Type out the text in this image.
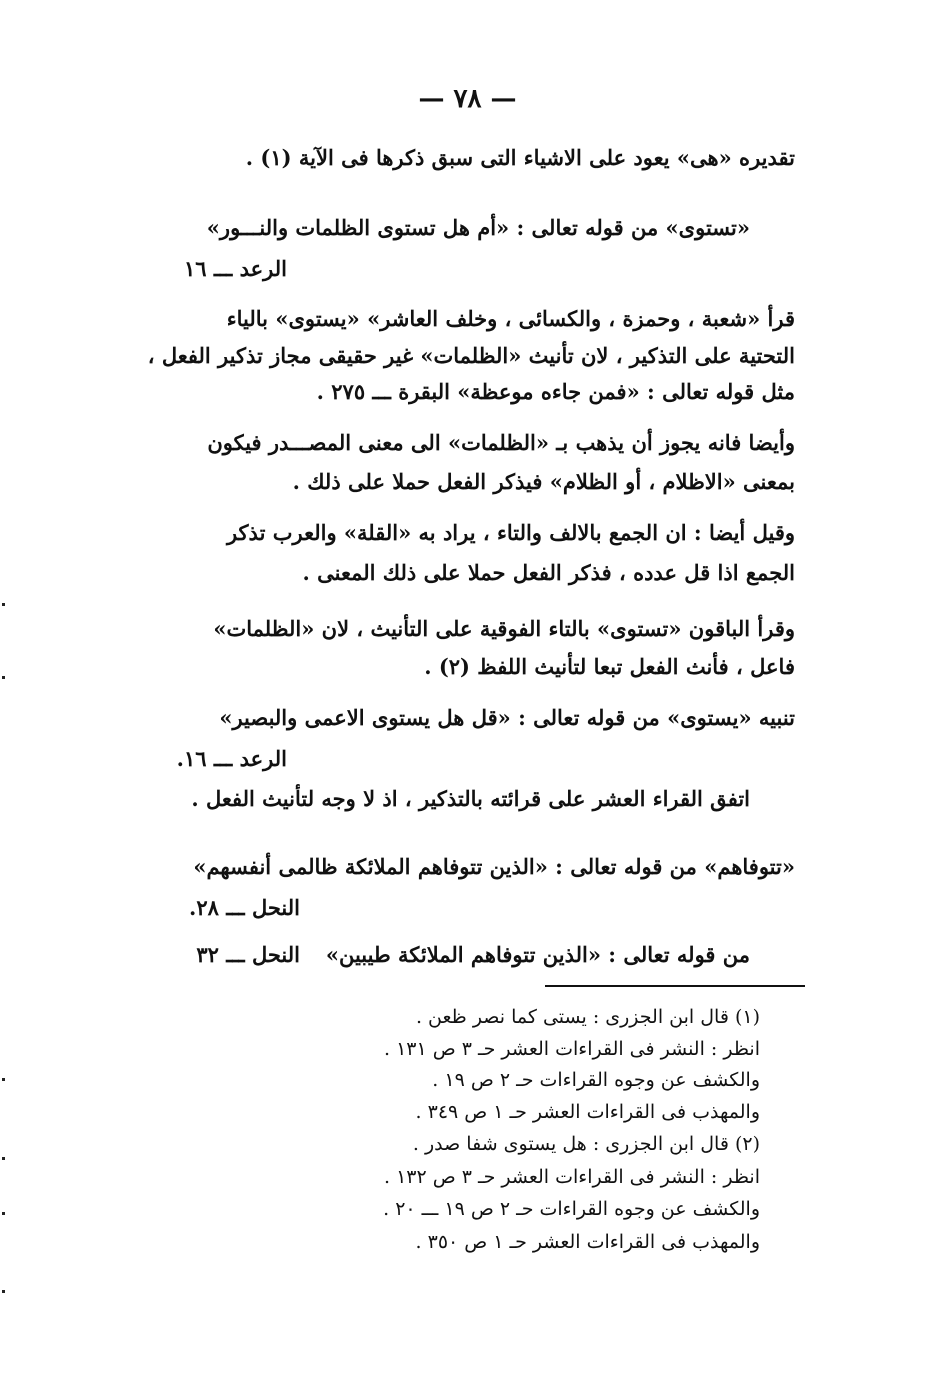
— ٧٨ —
تقديره «هى» يعود على الاشياء التى سبق ذكرها فى الآية (١) .
«تستوى» من قوله تعالى : «أم هل تستوى الظلمات والنـــور»
الرعد ـــ ١٦
قرأ «شعبة ، وحمزة ، والكسائى ، وخلف العاشر» «يستوى» بالياء
التحتية على التذكير ، لان تأنيث «الظلمات» غير حقيقى مجاز تذكير الفعل ،
مثل قوله تعالى : «فمن جاءه موعظة» البقرة ـــ ٢٧٥ .
وأيضا فانه يجوز أن يذهب بـ «الظلمات» الى معنى المصـــدر فيكون
بمعنى «الاظلام ، أو الظلام» فيذكر الفعل حملا على ذلك .
وقيل أيضا : ان الجمع بالالف والتاء ، يراد به «القلة» والعرب تذكر
الجمع اذا قل عدده ، فذكر الفعل حملا على ذلك المعنى .
وقرأ الباقون «تستوى» بالتاء الفوقية على التأنيث ، لان «الظلمات»
فاعل ، فأنث الفعل تبعا لتأنيث اللفظ (٢) .
تنبيه «يستوى» من قوله تعالى : «قل هل يستوى الاعمى والبصير»
الرعد ـــ ١٦.
اتفق القراء العشر على قرائته بالتذكير ، اذ لا وجه لتأنيث الفعل .
«تتوفاهم» من قوله تعالى : «الذين تتوفاهم الملائكة ظالمى أنفسهم»
النحل ـــ ٢٨.
من قوله تعالى : «الذين تتوفاهم الملائكة طيبين»
النحل ـــ ٣٢
(١) قال ابن الجزرى : يستى كما نصر ظعن .
انظر : النشر فى القراءات العشر حـ ٣ ص ١٣١ .
والكشف عن وجوه القراءات حـ ٢ ص ١٩ .
والمهذب فى القراءات العشر حـ ١ ص ٣٤٩ .
(٢) قال ابن الجزرى : هل يستوى شفا صدر .
انظر : النشر فى القراءات العشر حـ ٣ ص ١٣٢ .
والكشف عن وجوه القراءات حـ ٢ ص ١٩ ـــ ٢٠ .
والمهذب فى القراءات العشر حـ ١ ص ٣٥٠ .
